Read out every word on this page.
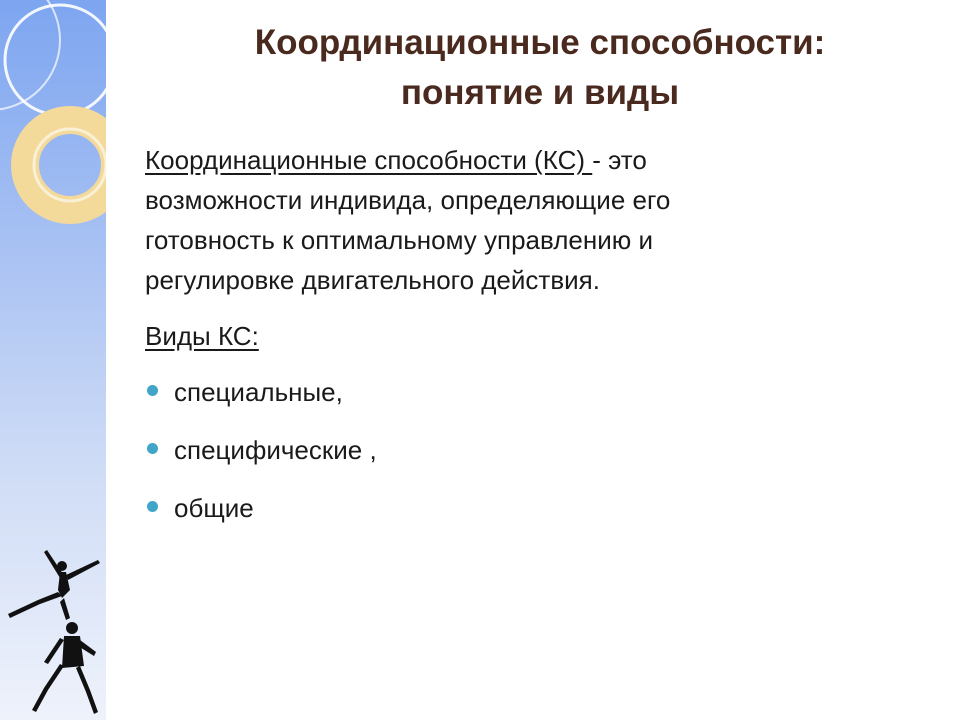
Координационные способности:
понятие и виды

Координационные способности (КС) - это
возможности индивида, определяющие его
готовность к оптимальному управлению и
регулировке двигательного действия.

Виды КС:

специальные,
специфические ,
общие
